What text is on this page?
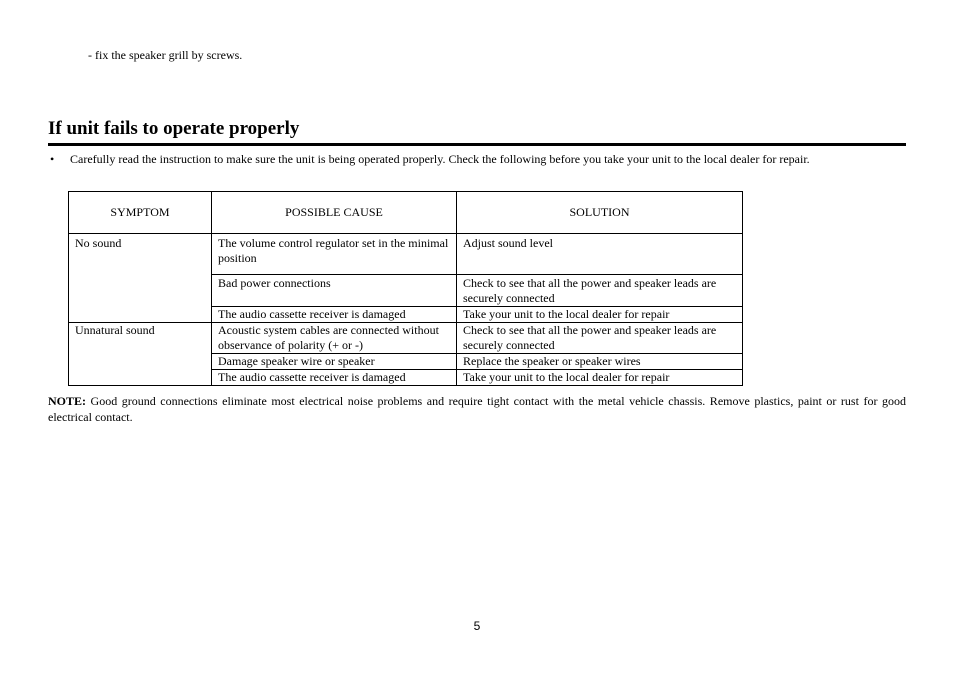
- fix the speaker grill by screws.
If unit fails to operate properly
•	Carefully read the instruction to make sure the unit is being operated properly. Check the following before you take your unit to the local dealer for repair.
SYMPTOM	POSSIBLE CAUSE	SOLUTION
No sound	The volume control regulator set in the minimal position	Adjust sound level
	Bad power connections	Check to see that all the power and speaker leads are securely connected
	The audio cassette receiver is damaged	Take your unit to the local dealer for repair
Unnatural sound	Acoustic system cables are connected without observance of polarity (+ or -)	Check to see that all the power and speaker leads are securely connected
	Damage speaker wire or speaker	Replace the speaker or speaker wires
	The audio cassette receiver is damaged	Take your unit to the local dealer for repair
NOTE: Good ground connections eliminate most electrical noise problems and require tight contact with the metal vehicle chassis. Remove plastics, paint or rust for good electrical contact.
5
